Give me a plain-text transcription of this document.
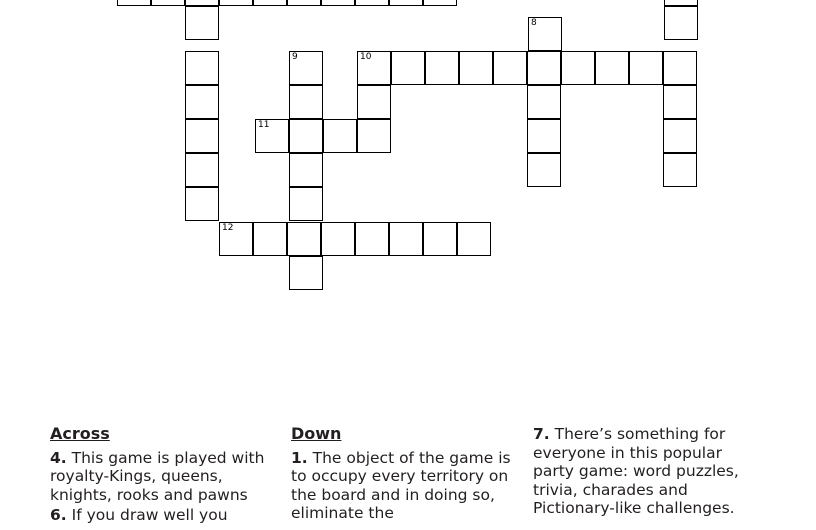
8
9	10
11
12
Across
4. This game is played with royalty-Kings, queens, knights, rooks and pawns
6. If you draw well you
Down
1. The object of the game is to occupy every territory on the board and in doing so, eliminate the
7. There’s something for everyone in this popular party game: word puzzles, trivia, charades and Pictionary-like challenges.
